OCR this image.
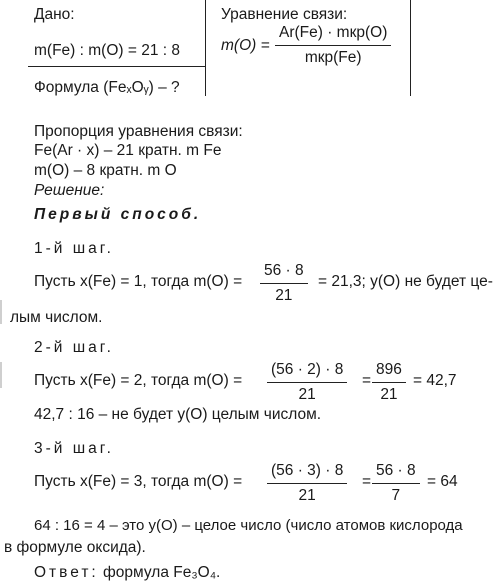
Дано:
m(Fe) : m(O) = 21 : 8
Формула (FeₓOᵧ) – ?
Уравнение связи:
m(O) =
Ar(Fe) · mкр(O)
mкр(Fe)
Пропорция уравнения связи:
Fe(Ar · x) – 21 кратн. m Fe
m(O) – 8 кратн. m O
Решение:
Первый способ.
1-й шаг.
Пусть x(Fe) = 1, тогда $m(O) = \frac{56 \cdot 8}{21} = 21,3$; y(O) не будет це-
лым числом.
2-й шаг.
Пусть x(Fe) = 2, тогда $m(O) = \frac{(56 \cdot 2) \cdot 8}{21} = \frac{896}{21} = 42,7$
42,7 : 16 – не будет y(O) целым числом.
3-й шаг.
Пусть x(Fe) = 3, тогда $m(O) = \frac{(56 \cdot 3) \cdot 8}{21} = \frac{56 \cdot 8}{7} = 64$
64 : 16 = 4 – это y(O) – целое число (число атомов кислорода
в формуле оксида).
Ответ: формула Fe₃O₄.
